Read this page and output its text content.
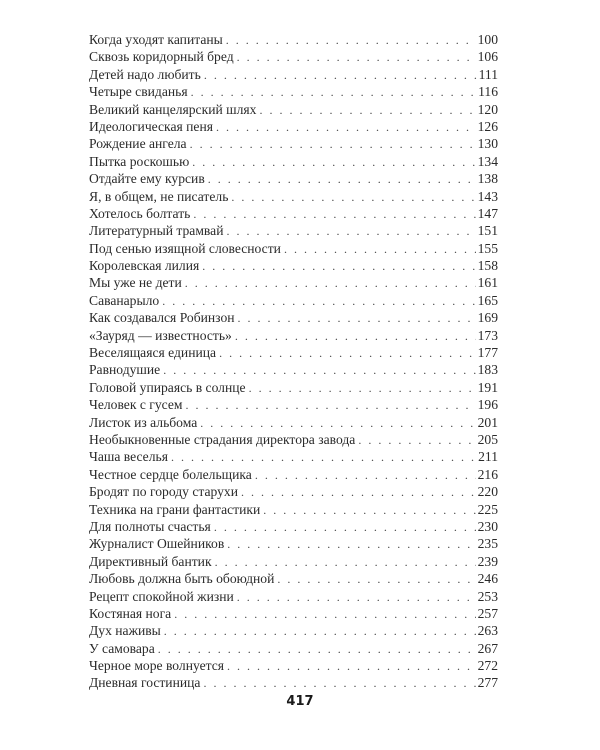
Когда уходят капитаны . . .	100
Сквозь коридорный бред . . .	106
Детей надо любить . . .	111
Четыре свиданья . . .	116
Великий канцелярский шлях . . .	120
Идеологическая пеня . . .	126
Рождение ангела . . .	130
Пытка роскошью . . .	134
Отдайте ему курсив . . .	138
Я, в общем, не писатель . . .	143
Хотелось болтать . . .	147
Литературный трамвай . . .	151
Под сенью изящной словесности . . .	155
Королевская лилия . . .	158
Мы уже не дети . . .	161
Саванарыло . . .	165
Как создавался Робинзон . . .	169
«Зауряд — известность» . . .	173
Веселящаяся единица . . .	177
Равнодушие . . .	183
Головой упираясь в солнце . . .	191
Человек с гусем . . .	196
Листок из альбома . . .	201
Необыкновенные страдания директора завода . . .	205
Чаша веселья . . .	211
Честное сердце болельщика . . .	216
Бродят по городу старухи . . .	220
Техника на грани фантастики . . .	225
Для полноты счастья . . .	230
Журналист Ошейников . . .	235
Директивный бантик . . .	239
Любовь должна быть обоюдной . . .	246
Рецепт спокойной жизни . . .	253
Костяная нога . . .	257
Дух наживы . . .	263
У самовара . . .	267
Черное море волнуется . . .	272
Дневная гостиница . . .	277
417
